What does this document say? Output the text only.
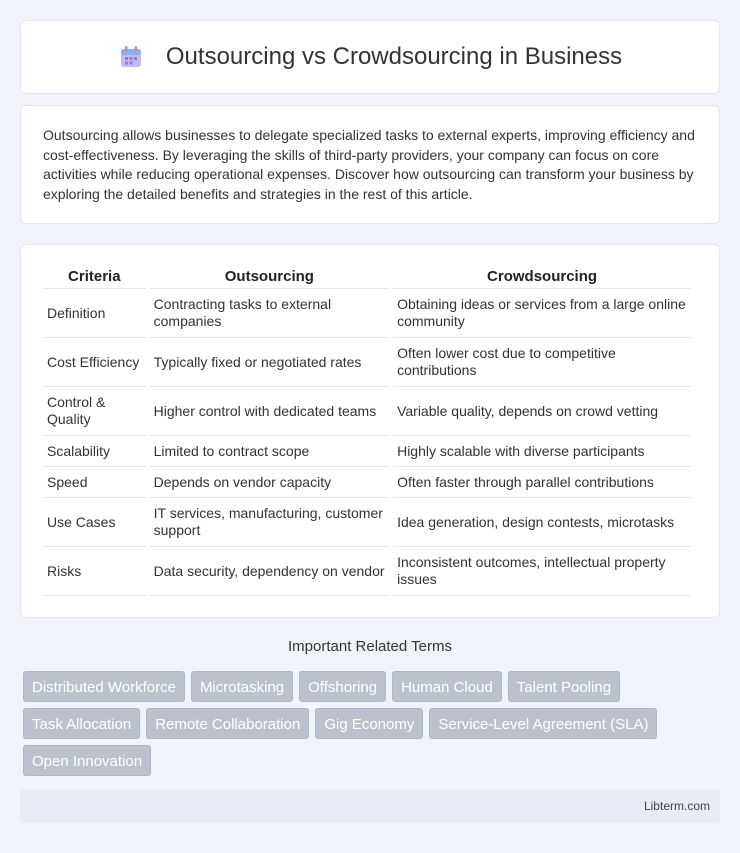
Outsourcing vs Crowdsourcing in Business

Outsourcing allows businesses to delegate specialized tasks to external experts, improving efficiency and cost-effectiveness. By leveraging the skills of third-party providers, your company can focus on core activities while reducing operational expenses. Discover how outsourcing can transform your business by exploring the detailed benefits and strategies in the rest of this article.

Criteria	Outsourcing	Crowdsourcing
Definition	Contracting tasks to external companies	Obtaining ideas or services from a large online community
Cost Efficiency	Typically fixed or negotiated rates	Often lower cost due to competitive contributions
Control & Quality	Higher control with dedicated teams	Variable quality, depends on crowd vetting
Scalability	Limited to contract scope	Highly scalable with diverse participants
Speed	Depends on vendor capacity	Often faster through parallel contributions
Use Cases	IT services, manufacturing, customer support	Idea generation, design contests, microtasks
Risks	Data security, dependency on vendor	Inconsistent outcomes, intellectual property issues
Important Related Terms
Distributed Workforce	Microtasking	Offshoring	Human Cloud	Talent Pooling
Task Allocation	Remote Collaboration	Gig Economy	Service-Level Agreement (SLA)
Open Innovation
Libterm.com
